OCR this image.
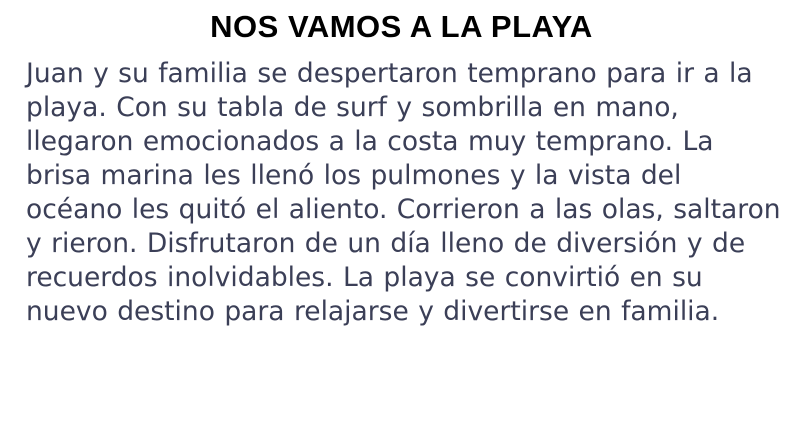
NOS VAMOS A LA PLAYA

Juan y su familia se despertaron temprano para ir a la playa. Con su tabla de surf y sombrilla en mano, llegaron emocionados a la costa muy temprano. La brisa marina les llenó los pulmones y la vista del océano les quitó el aliento. Corrieron a las olas, saltaron y rieron. Disfrutaron de un día lleno de diversión y de recuerdos inolvidables. La playa se convirtió en su nuevo destino para relajarse y divertirse en familia.
